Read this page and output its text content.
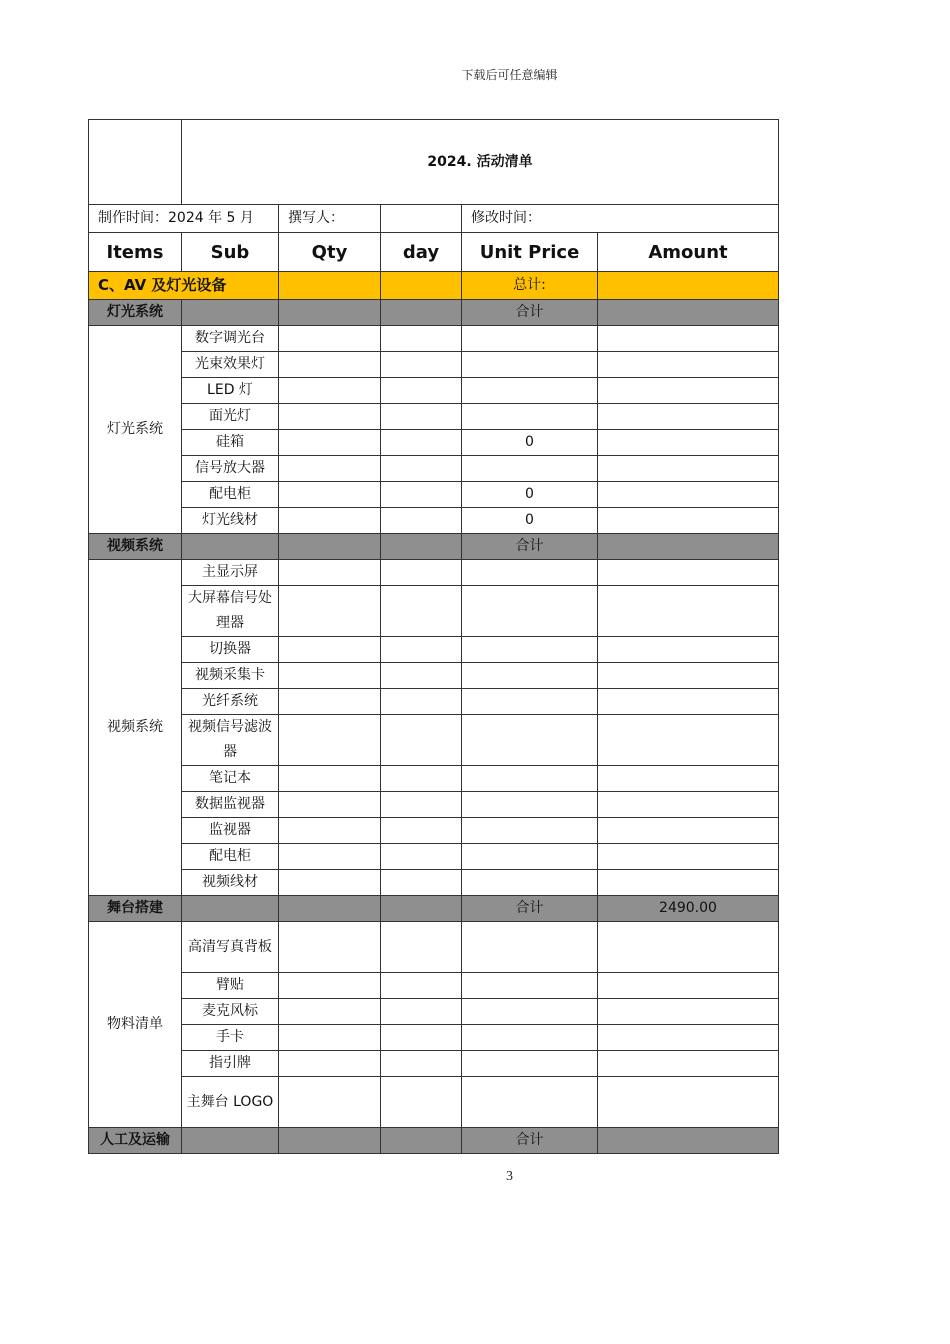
下载后可任意编辑
	2024. 活动清单				
制作时间：2024 年 5 月		撰写人：		修改时间：	
Items	Sub	Qty	day	Unit Price	Amount
C、AV 及灯光设备				总计:	
灯光系统				合计	
灯光系统	数字调光台				
	光束效果灯				
	LED 灯				
	面光灯				
	硅箱			0	
	信号放大器				
	配电柜			0	
	灯光线材			0	
视频系统				合计	
视频系统	主显示屏				
	大屏幕信号处理器				
	切换器				
	视频采集卡				
	光纤系统				
	视频信号滤波器				
	笔记本				
	数据监视器				
	监视器				
	配电柜				
	视频线材				
舞台搭建				合计	2490.00
物料清单	高清写真背板				
	臂贴				
	麦克风标				
	手卡				
	指引牌				
	主舞台 LOGO				
人工及运输				合计	
3
